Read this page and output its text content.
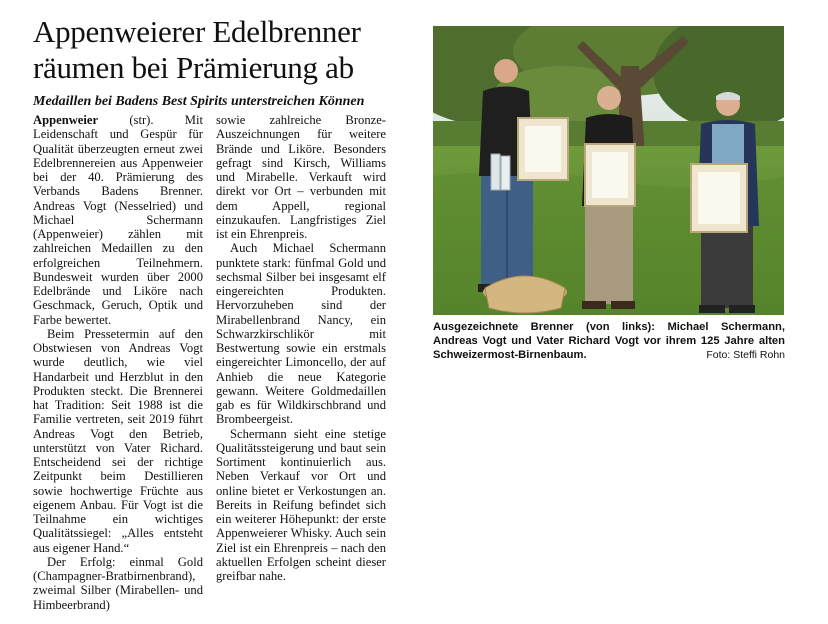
Appenweierer Edelbrenner räumen bei Prämierung ab
Medaillen bei Badens Best Spirits unterstreichen Können

Appenweier (str). Mit Leidenschaft und Gespür für Qualität überzeugten erneut zwei Edelbrennereien aus Appenweier bei der 40. Prämierung des Verbands Badens Brenner. Andreas Vogt (Nesselried) und Michael Schermann (Appenweier) zählen mit zahlreichen Medaillen zu den erfolgreichen Teilnehmern. Bundesweit wurden über 2000 Edelbrände und Liköre nach Geschmack, Geruch, Optik und Farbe bewertet.

Beim Pressetermin auf den Obstwiesen von Andreas Vogt wurde deutlich, wie viel Handarbeit und Herzblut in den Produkten steckt. Die Brennerei hat Tradition: Seit 1988 ist die Familie vertreten, seit 2019 führt Andreas Vogt den Betrieb, unterstützt von Vater Richard. Entscheidend sei der richtige Zeitpunkt beim Destillieren sowie hochwertige Früchte aus eigenem Anbau. Für Vogt ist die Teilnahme ein wichtiges Qualitätssiegel: „Alles entsteht aus eigener Hand.“

Der Erfolg: einmal Gold (Champagner-Bratbirnenbrand), zweimal Silber (Mirabellen- und Himbeerbrand)

sowie zahlreiche Bronze-Auszeichnungen für weitere Brände und Liköre. Besonders gefragt sind Kirsch, Williams und Mirabelle. Verkauft wird direkt vor Ort – verbunden mit dem Appell, regional einzukaufen. Langfristiges Ziel ist ein Ehrenpreis.

Auch Michael Schermann punktete stark: fünfmal Gold und sechsmal Silber bei insgesamt elf eingereichten Produkten. Hervorzuheben sind der Mirabellenbrand Nancy, ein Schwarzkirschlikör mit Bestwertung sowie ein erstmals eingereichter Limoncello, der auf Anhieb die neue Kategorie gewann. Weitere Goldmedaillen gab es für Wildkirschbrand und Brombeergeist.

Schermann sieht eine stetige Qualitätssteigerung und baut sein Sortiment kontinuierlich aus. Neben Verkauf vor Ort und online bietet er Verkostungen an. Bereits in Reifung befindet sich ein weiterer Höhepunkt: der erste Appenweierer Whisky. Auch sein Ziel ist ein Ehrenpreis – nach den aktuellen Erfolgen scheint dieser greifbar nahe.

Ausgezeichnete Brenner (von links): Michael Schermann, Andreas Vogt und Vater Richard Vogt vor ihrem 125 Jahre alten Schweizermost-Birnenbaum.	Foto: Steffi Rohn
